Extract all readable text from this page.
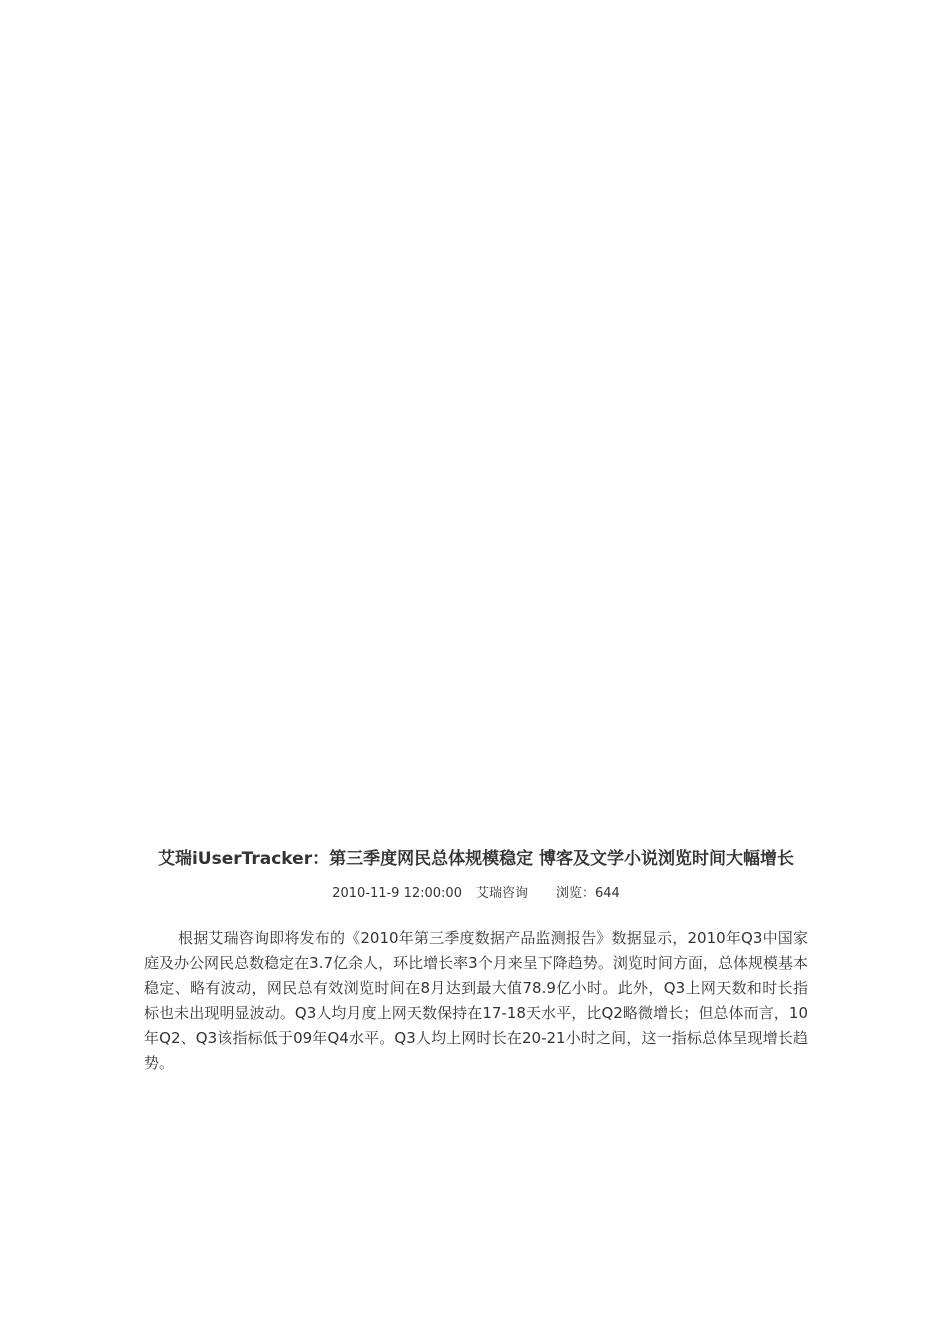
艾瑞iUserTracker：第三季度网民总体规模稳定 博客及文学小说浏览时间大幅增长
2010-11-9 12:00:00 艾瑞咨询 浏览：644

根据艾瑞咨询即将发布的《2010年第三季度数据产品监测报告》数据显示，2010年Q3中国家庭及办公网民总数稳定在3.7亿余人，环比增长率3个月来呈下降趋势。浏览时间方面，总体规模基本稳定、略有波动，网民总有效浏览时间在8月达到最大值78.9亿小时。此外，Q3上网天数和时长指标也未出现明显波动。Q3人均月度上网天数保持在17-18天水平，比Q2略微增长；但总体而言，10年Q2、Q3该指标低于09年Q4水平。Q3人均上网时长在20-21小时之间，这一指标总体呈现增长趋势。
